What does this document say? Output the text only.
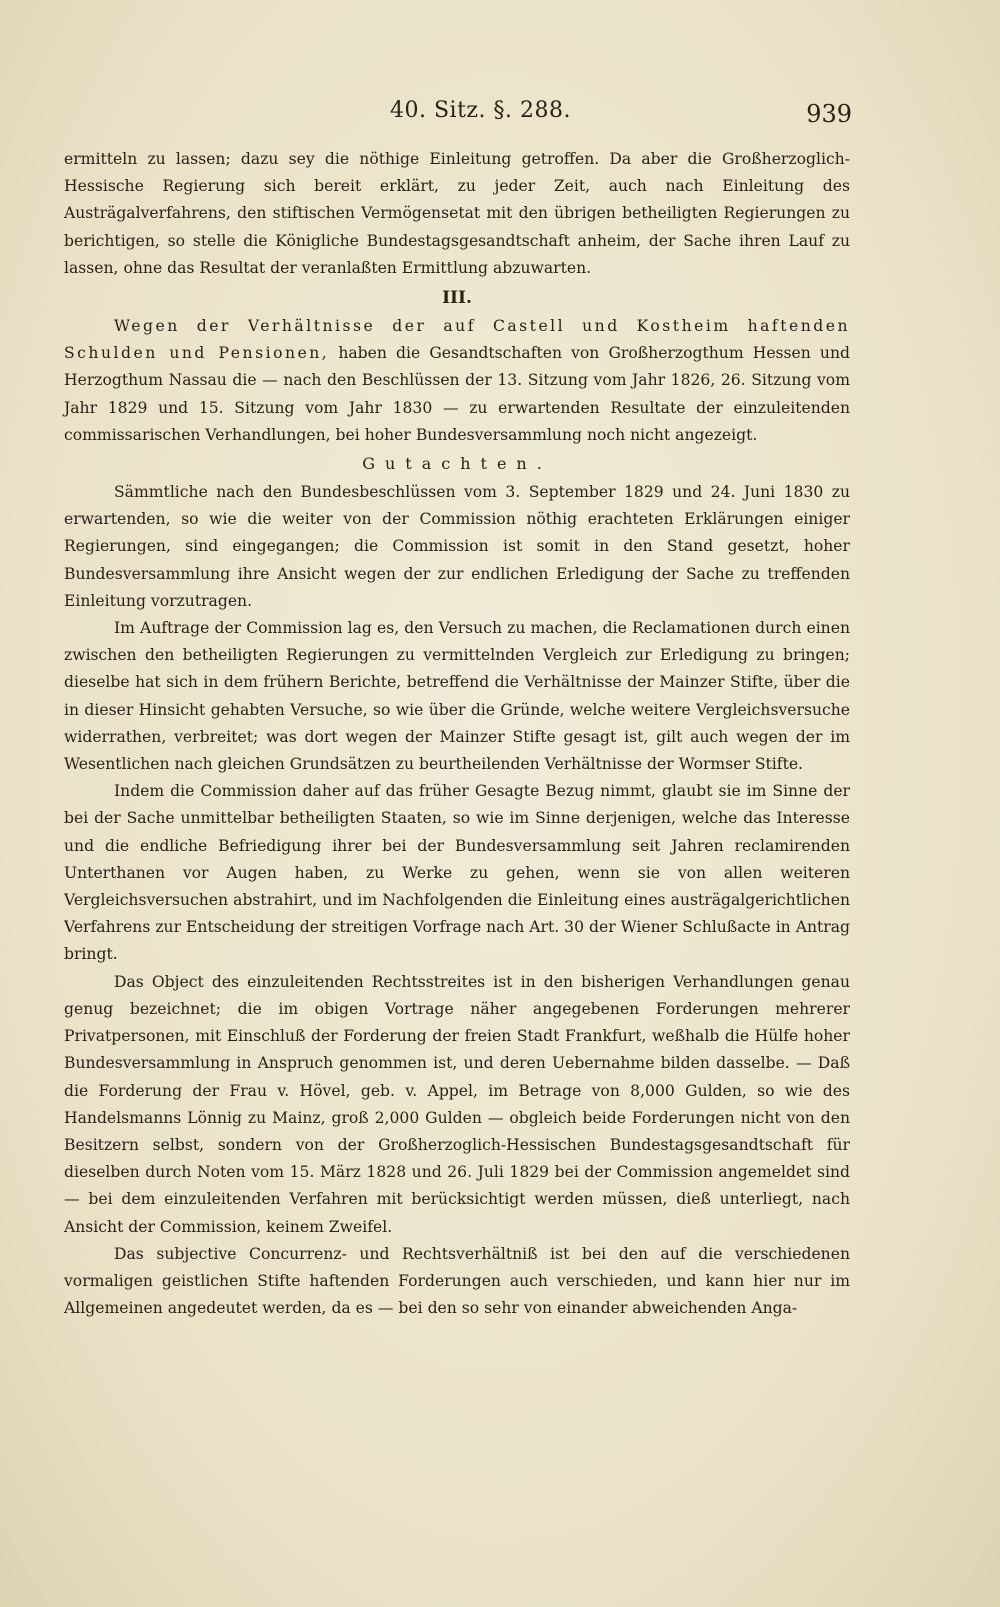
40. Sitz. §. 288.	939

ermitteln zu lassen; dazu sey die nöthige Einleitung getroffen. Da aber die Großherzoglich-Hessische Regierung sich bereit erklärt, zu jeder Zeit, auch nach Einleitung des Austrägalverfahrens, den stiftischen Vermögensetat mit den übrigen betheiligten Regierungen zu berichtigen, so stelle die Königliche Bundestagsgesandtschaft anheim, der Sache ihren Lauf zu lassen, ohne das Resultat der veranlaßten Ermittlung abzuwarten.

III.

Wegen der Verhältnisse der auf Castell und Kostheim haftenden Schulden und Pensionen, haben die Gesandtschaften von Großherzogthum Hessen und Herzogthum Nassau die — nach den Beschlüssen der 13. Sitzung vom Jahr 1826, 26. Sitzung vom Jahr 1829 und 15. Sitzung vom Jahr 1830 — zu erwartenden Resultate der einzuleitenden commissarischen Verhandlungen, bei hoher Bundesversammlung noch nicht angezeigt.

Gutachten.

Sämmtliche nach den Bundesbeschlüssen vom 3. September 1829 und 24. Juni 1830 zu erwartenden, so wie die weiter von der Commission nöthig erachteten Erklärungen einiger Regierungen, sind eingegangen; die Commission ist somit in den Stand gesetzt, hoher Bundesversammlung ihre Ansicht wegen der zur endlichen Erledigung der Sache zu treffenden Einleitung vorzutragen.

Im Auftrage der Commission lag es, den Versuch zu machen, die Reclamationen durch einen zwischen den betheiligten Regierungen zu vermittelnden Vergleich zur Erledigung zu bringen; dieselbe hat sich in dem frühern Berichte, betreffend die Verhältnisse der Mainzer Stifte, über die in dieser Hinsicht gehabten Versuche, so wie über die Gründe, welche weitere Vergleichsversuche widerrathen, verbreitet; was dort wegen der Mainzer Stifte gesagt ist, gilt auch wegen der im Wesentlichen nach gleichen Grundsätzen zu beurtheilenden Verhältnisse der Wormser Stifte.

Indem die Commission daher auf das früher Gesagte Bezug nimmt, glaubt sie im Sinne der bei der Sache unmittelbar betheiligten Staaten, so wie im Sinne derjenigen, welche das Interesse und die endliche Befriedigung ihrer bei der Bundesversammlung seit Jahren reclamirenden Unterthanen vor Augen haben, zu Werke zu gehen, wenn sie von allen weiteren Vergleichsversuchen abstrahirt, und im Nachfolgenden die Einleitung eines austrägalgerichtlichen Verfahrens zur Entscheidung der streitigen Vorfrage nach Art. 30 der Wiener Schlußacte in Antrag bringt.

Das Object des einzuleitenden Rechtsstreites ist in den bisherigen Verhandlungen genau genug bezeichnet; die im obigen Vortrage näher angegebenen Forderungen mehrerer Privatpersonen, mit Einschluß der Forderung der freien Stadt Frankfurt, weßhalb die Hülfe hoher Bundesversammlung in Anspruch genommen ist, und deren Uebernahme bilden dasselbe. — Daß die Forderung der Frau v. Hövel, geb. v. Appel, im Betrage von 8,000 Gulden, so wie des Handelsmanns Lönnig zu Mainz, groß 2,000 Gulden — obgleich beide Forderungen nicht von den Besitzern selbst, sondern von der Großherzoglich-Hessischen Bundestagsgesandtschaft für dieselben durch Noten vom 15. März 1828 und 26. Juli 1829 bei der Commission angemeldet sind — bei dem einzuleitenden Verfahren mit berücksichtigt werden müssen, dieß unterliegt, nach Ansicht der Commission, keinem Zweifel.

Das subjective Concurrenz- und Rechtsverhältniß ist bei den auf die verschiedenen vormaligen geistlichen Stifte haftenden Forderungen auch verschieden, und kann hier nur im Allgemeinen angedeutet werden, da es — bei den so sehr von einander abweichenden Anga-
